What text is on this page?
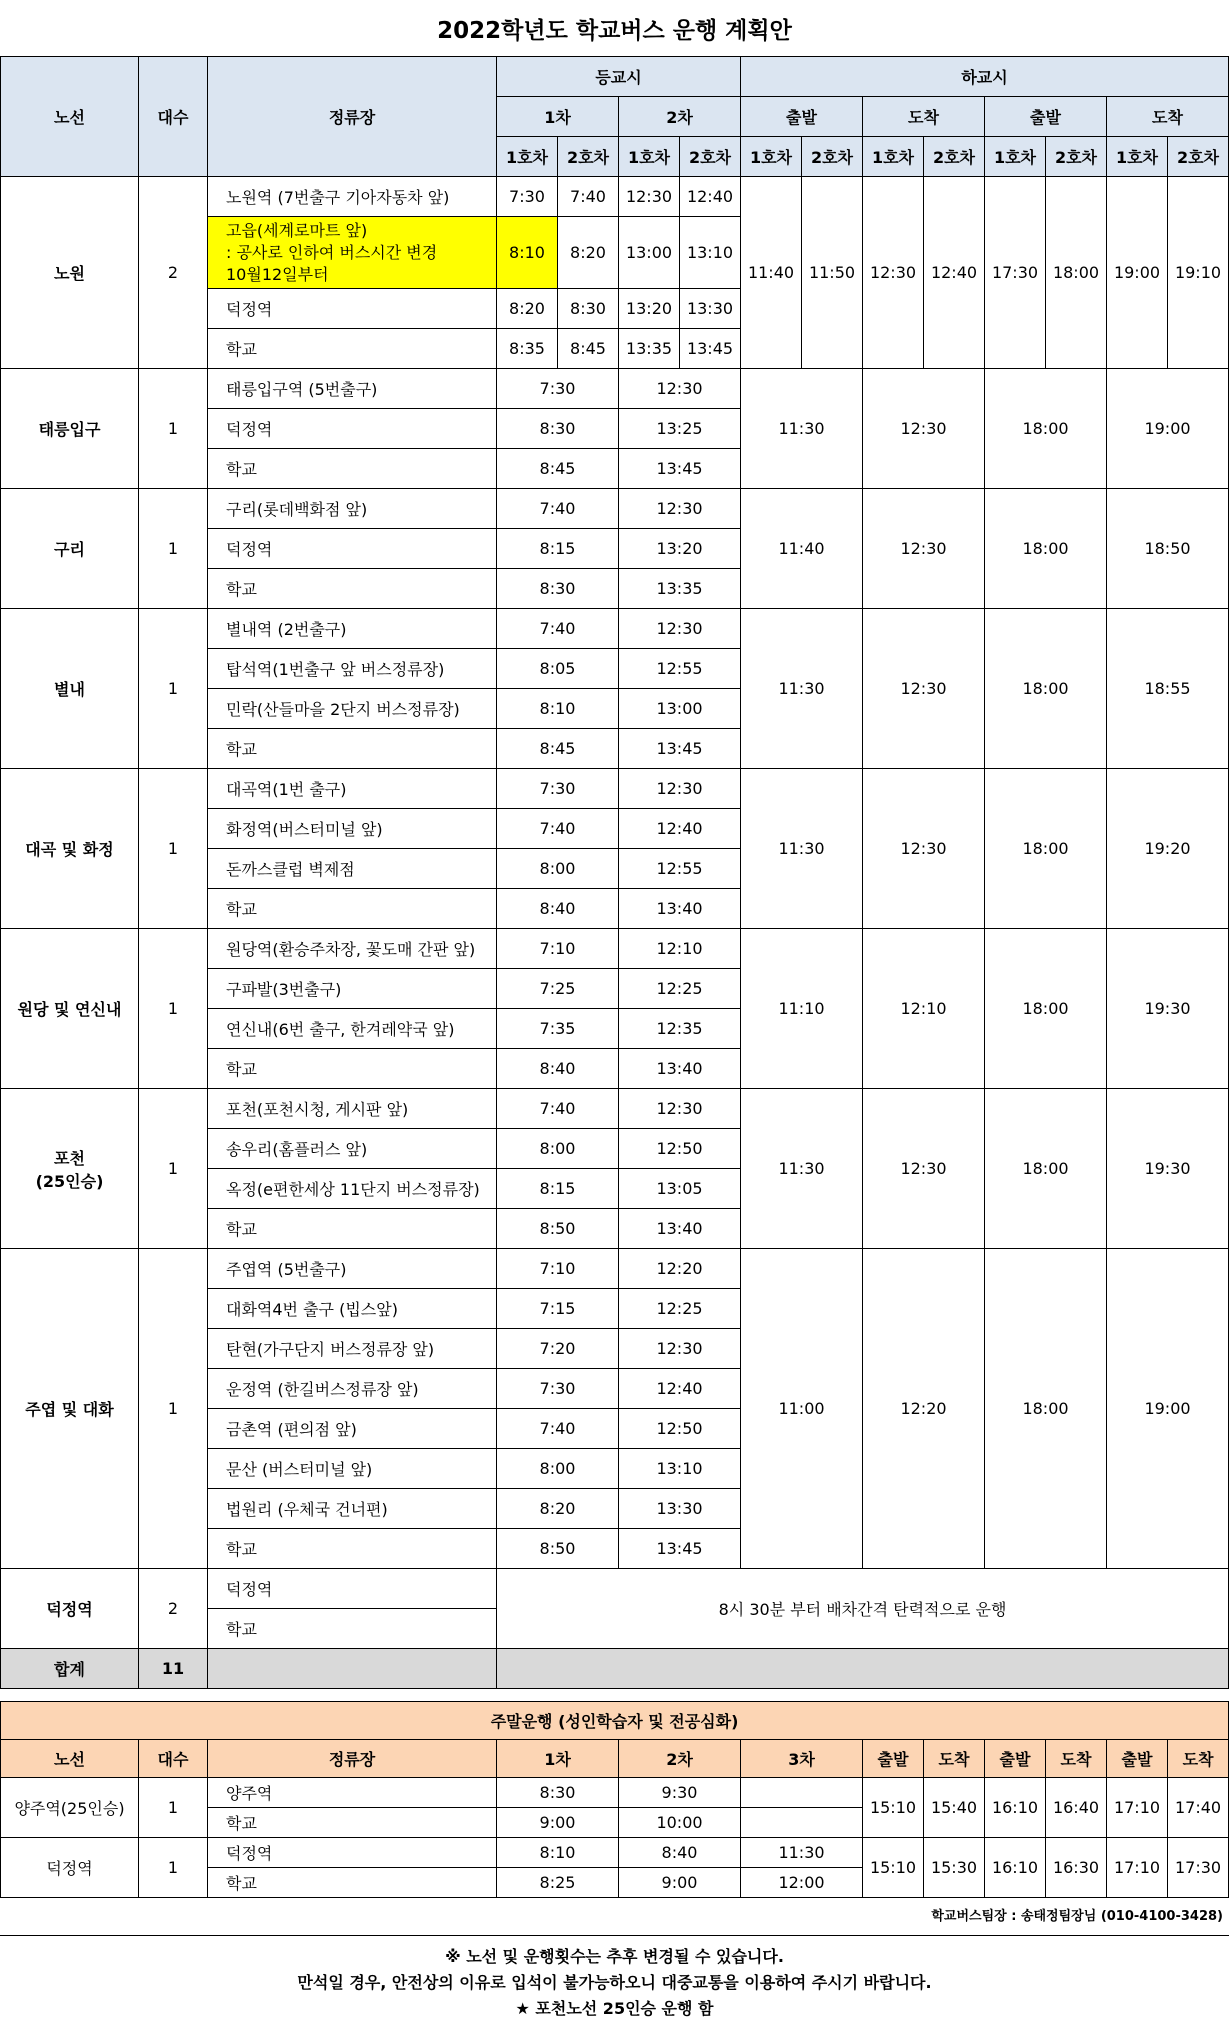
2022학년도 학교버스 운행 계획안
노선	대수	정류장	등교시				하교시							
			1차		2차		출발		도착		출발		도착	
			1호차	2호차	1호차	2호차	1호차	2호차	1호차	2호차	1호차	2호차	1호차	2호차
노원	2	노원역 (7번출구 기아자동차 앞)	7:30	7:40	12:30	12:40	11:40	11:50	12:30	12:40	17:30	18:00	19:00	19:10
		고읍(세계로마트 앞)
: 공사로 인하여 버스시간 변경
10월12일부터	8:10	8:20	13:00	13:10								
		덕정역	8:20	8:30	13:20	13:30								
		학교	8:35	8:45	13:35	13:45								
태릉입구	1	태릉입구역 (5번출구)	7:30		12:30		11:30		12:30		18:00		19:00	
		덕정역	8:30		13:25									
		학교	8:45		13:45									
구리	1	구리(롯데백화점 앞)	7:40		12:30		11:40		12:30		18:00		18:50	
		덕정역	8:15		13:20									
		학교	8:30		13:35									
별내	1	별내역 (2번출구)	7:40		12:30		11:30		12:30		18:00		18:55	
		탑석역(1번출구 앞 버스정류장)	8:05		12:55									
		민락(산들마을 2단지 버스정류장)	8:10		13:00									
		학교	8:45		13:45									
대곡 및 화정	1	대곡역(1번 출구)	7:30		12:30		11:30		12:30		18:00		19:20	
		화정역(버스터미널 앞)	7:40		12:40									
		돈까스클럽 벽제점	8:00		12:55									
		학교	8:40		13:40									
원당 및 연신내	1	원당역(환승주차장, 꽃도매 간판 앞)	7:10		12:10		11:10		12:10		18:00		19:30	
		구파발(3번출구)	7:25		12:25									
		연신내(6번 출구, 한겨레약국 앞)	7:35		12:35									
		학교	8:40		13:40									
포천
(25인승)	1	포천(포천시청, 게시판 앞)	7:40		12:30		11:30		12:30		18:00		19:30	
		송우리(홈플러스 앞)	8:00		12:50									
		옥정(e편한세상 11단지 버스정류장)	8:15		13:05									
		학교	8:50		13:40									
주엽 및 대화	1	주엽역 (5번출구)	7:10		12:20		11:00		12:20		18:00		19:00	
		대화역4번 출구 (빕스앞)	7:15		12:25									
		탄현(가구단지 버스정류장 앞)	7:20		12:30									
		운정역 (한길버스정류장 앞)	7:30		12:40									
		금촌역 (편의점 앞)	7:40		12:50									
		문산 (버스터미널 앞)	8:00		13:10									
		법원리 (우체국 건너편)	8:20		13:30									
		학교	8:50		13:45									
덕정역	2	덕정역	8시 30분 부터 배차간격 탄력적으로 운행											
		학교												
합계	11													
주말운행 (성인학습자 및 전공심화)											
노선	대수	정류장	1차	2차	3차	출발	도착	출발	도착	출발	도착
양주역(25인승)	1	양주역	8:30	9:30		15:10	15:40	16:10	16:40	17:10	17:40
		학교	9:00	10:00							
덕정역	1	덕정역	8:10	8:40	11:30	15:10	15:30	16:10	16:30	17:10	17:30
		학교	8:25	9:00	12:00						
학교버스팀장 : 송태정팀장님 (010-4100-3428)
※ 노선 및 운행횟수는 추후 변경될 수 있습니다.
만석일 경우, 안전상의 이유로 입석이 불가능하오니 대중교통을 이용하여 주시기 바랍니다.
★ 포천노선 25인승 운행 함
